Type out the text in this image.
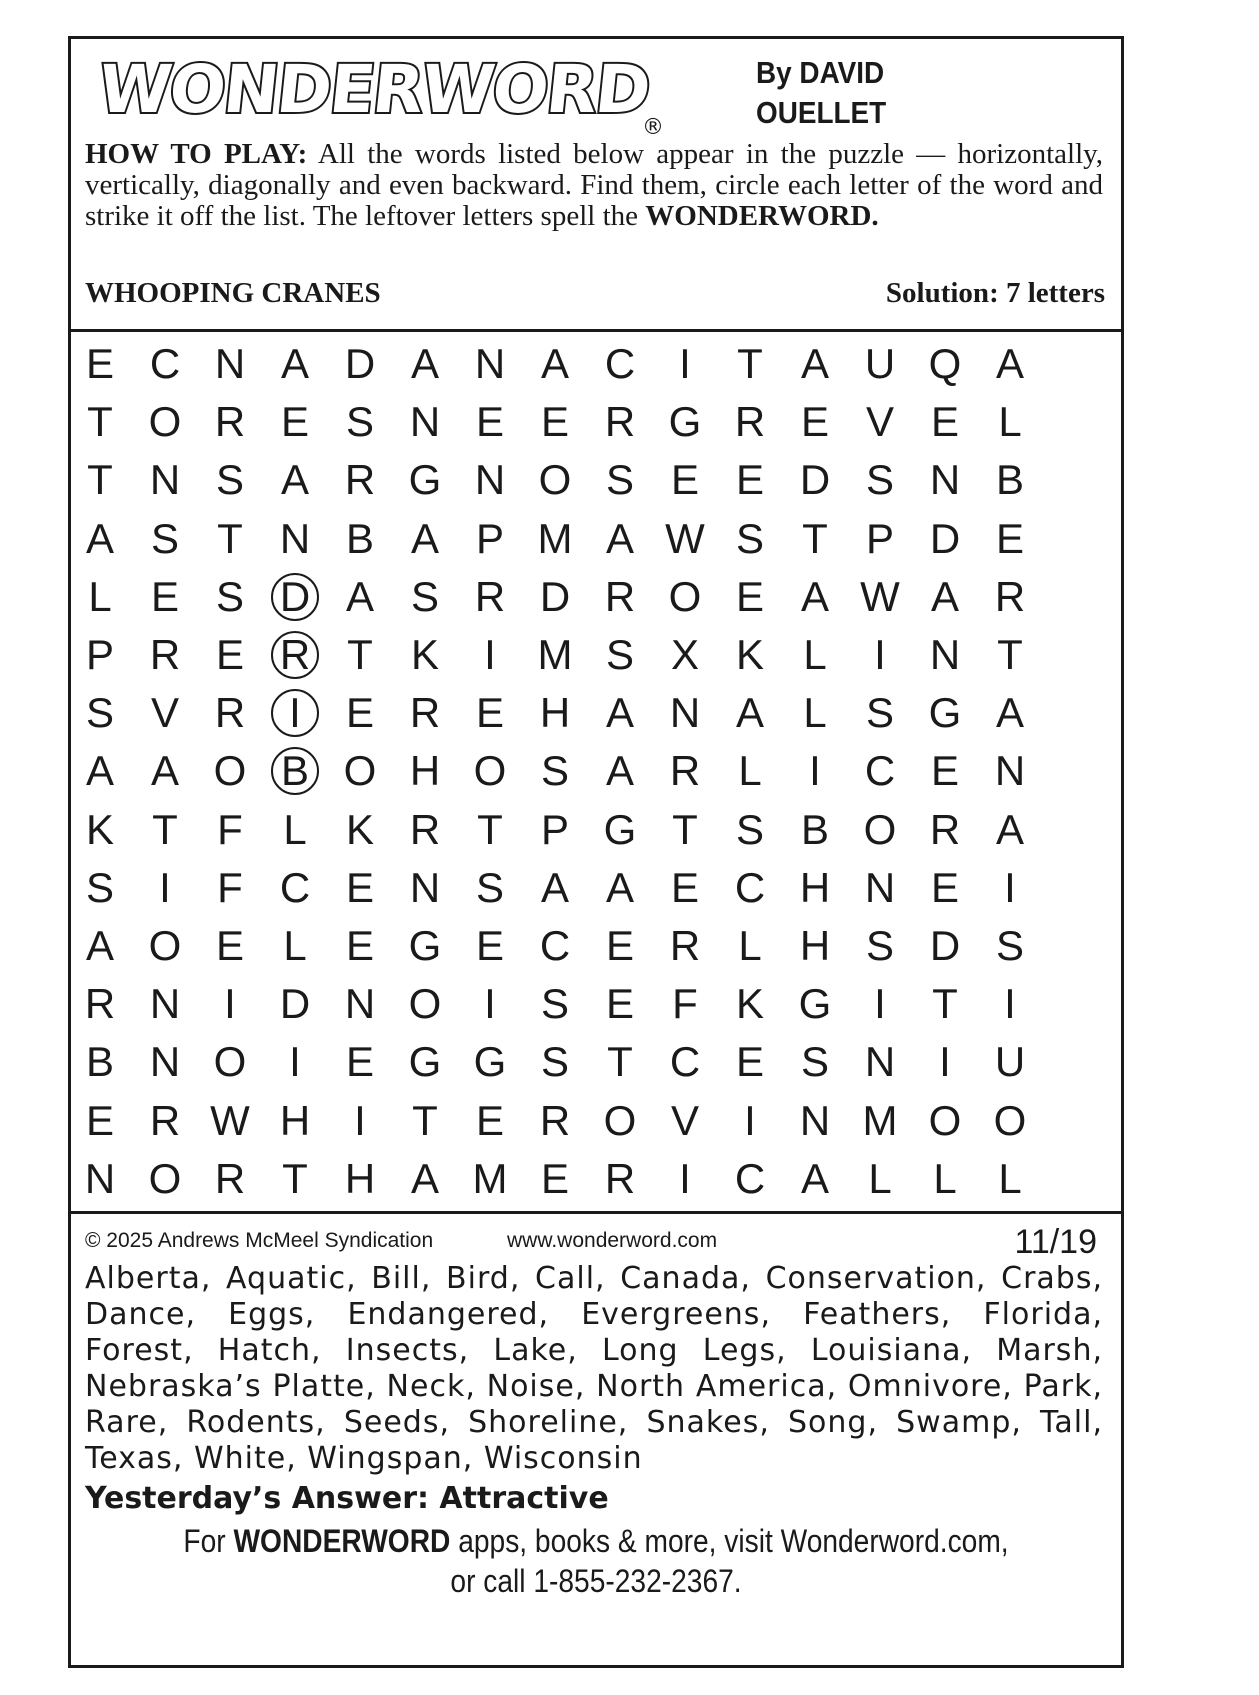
WONDERWORD
®
By DAVID
OUELLET
HOW TO PLAY: All the words listed below appear in the puzzle — horizontally, vertically, diagonally and even backward. Find them, circle each letter of the word and strike it off the list. The leftover letters spell the WONDERWORD.
WHOOPING CRANES	Solution: 7 letters
E C N A D A N A C	I	T A U Q A
T O R E S N E E R G R E V E L
T N S A R G N O S E E D S N B
A S T N B A P M A W S T P D E
L E S D A S R D R O E A W A R
P R E R T K	I M S X K L	I	N T
S V R	I	E R E H A N A L S G A
A A O B O H O S A R L	I	C E N
K T F L K R T P G T S B O R A
S	I	F C E N S A A E C H N E	I
A O E L E G E C E R L H S D S
R N	I	D N O	I	S E F K G	I	T	I
B N O	I	E G G S T C E S N	I	U
E R W H	I	T E R O V	I	N M O O
N O R T H A M E R	I	C A L L L
© 2025 Andrews McMeel Syndication	www.wonderword.com	11/19
Alberta, Aquatic, Bill, Bird, Call, Canada, Conservation, Crabs, Dance, Eggs, Endangered, Evergreens, Feathers, Florida, Forest, Hatch, Insects, Lake, Long Legs, Louisiana, Marsh, Nebraska’s Platte, Neck, Noise, North America, Omnivore, Park, Rare, Rodents, Seeds, Shoreline, Snakes, Song, Swamp, Tall, Texas, White, Wingspan, Wisconsin
Yesterday’s Answer: Attractive
For WONDERWORD apps, books & more, visit Wonderword.com,
or call 1-855-232-2367.
